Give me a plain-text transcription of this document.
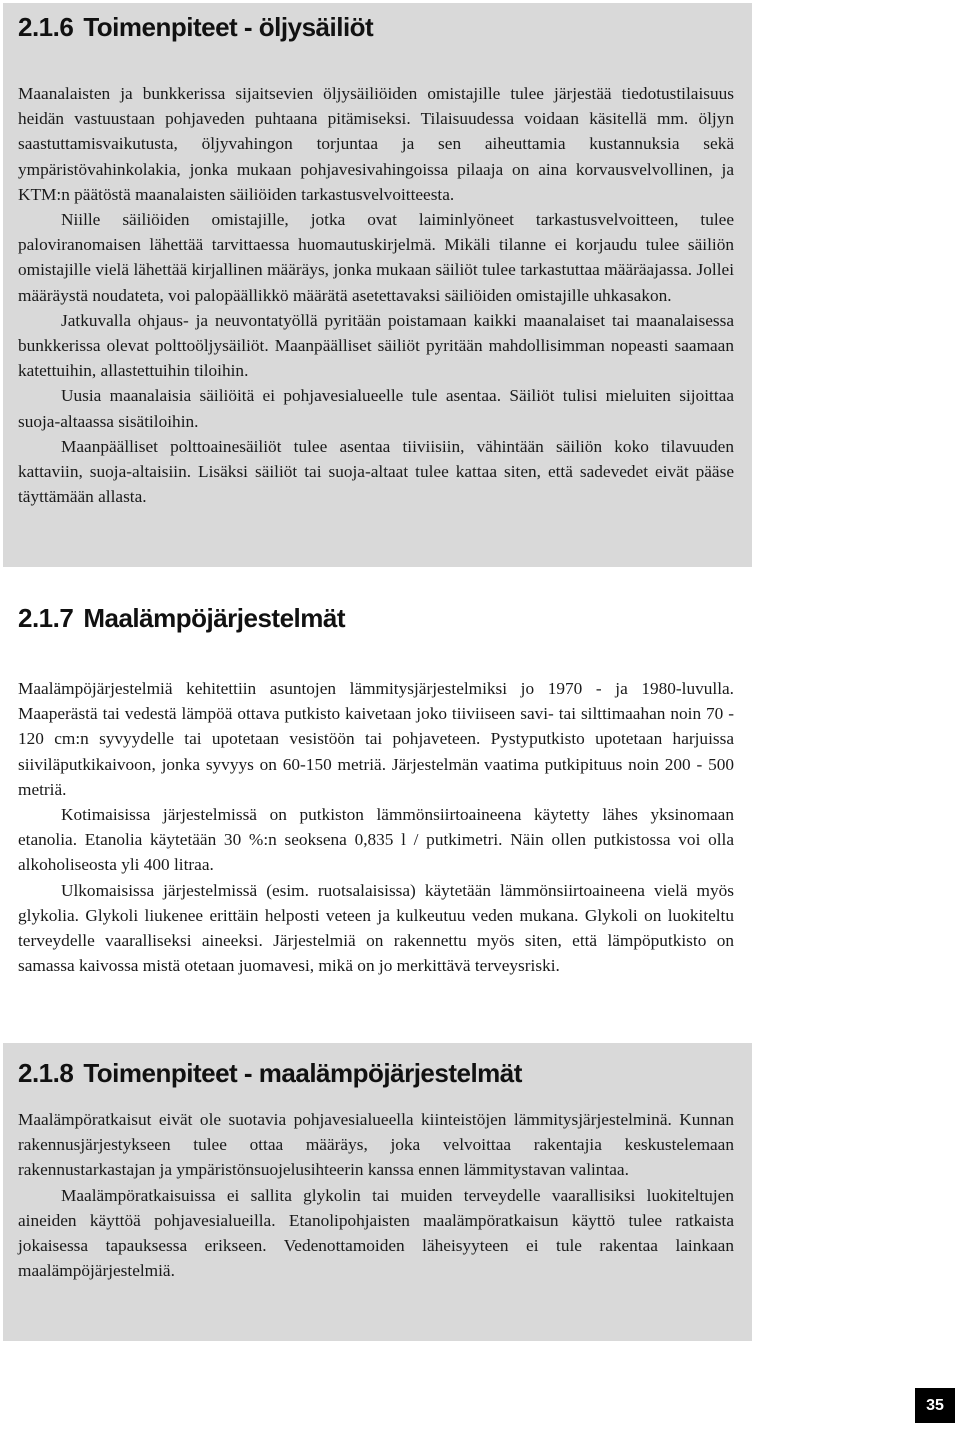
2.1.6 Toimenpiteet - öljysäiliöt

Maanalaisten ja bunkkerissa sijaitsevien öljysäiliöiden omistajille tulee järjestää tiedotustilaisuus heidän vastuustaan pohjaveden puhtaana pitämiseksi. Tilaisuudessa voidaan käsitellä mm. öljyn saastuttamisvaikutusta, öljyvahingon torjuntaa ja sen aiheuttamia kustannuksia sekä ympäristövahinkolakia, jonka mukaan pohjavesivahingoissa pilaaja on aina korvausvelvollinen, ja KTM:n päätöstä maanalaisten säiliöiden tarkastusvelvoitteesta.

Niille säiliöiden omistajille, jotka ovat laiminlyöneet tarkastusvelvoitteen, tulee paloviranomaisen lähettää tarvittaessa huomautuskirjelmä. Mikäli tilanne ei korjaudu tulee säiliön omistajille vielä lähettää kirjallinen määräys, jonka mukaan säiliöt tulee tarkastuttaa määräajassa. Jollei määräystä noudateta, voi palopäällikkö määrätä asetettavaksi säiliöiden omistajille uhkasakon.

Jatkuvalla ohjaus- ja neuvontatyöllä pyritään poistamaan kaikki maanalaiset tai maanalaisessa bunkkerissa olevat polttoöljysäiliöt. Maanpäälliset säiliöt pyritään mahdollisimman nopeasti saamaan katettuihin, allastettuihin tiloihin.

Uusia maanalaisia säiliöitä ei pohjavesialueelle tule asentaa. Säiliöt tulisi mieluiten sijoittaa suoja-altaassa sisätiloihin.

Maanpäälliset polttoainesäiliöt tulee asentaa tiiviisiin, vähintään säiliön koko tilavuuden kattaviin, suoja-altaisiin. Lisäksi säiliöt tai suoja-altaat tulee kattaa siten, että sadevedet eivät pääse täyttämään allasta.

2.1.7 Maalämpöjärjestelmät

Maalämpöjärjestelmiä kehitettiin asuntojen lämmitysjärjestelmiksi jo 1970 - ja 1980-luvulla. Maaperästä tai vedestä lämpöä ottava putkisto kaivetaan joko tiiviiseen savi- tai silttimaahan noin 70 - 120 cm:n syvyydelle tai upotetaan vesistöön tai pohjaveteen. Pystyputkisto upotetaan harjuissa siiviläputkikaivoon, jonka syvyys on 60-150 metriä. Järjestelmän vaatima putkipituus noin 200 - 500 metriä.

Kotimaisissa järjestelmissä on putkiston lämmönsiirtoaineena käytetty lähes yksinomaan etanolia. Etanolia käytetään 30 %:n seoksena 0,835 l / putkimetri. Näin ollen putkistossa voi olla alkoholiseosta yli 400 litraa.

Ulkomaisissa järjestelmissä (esim. ruotsalaisissa) käytetään lämmönsiirtoaineena vielä myös glykolia. Glykoli liukenee erittäin helposti veteen ja kulkeutuu veden mukana. Glykoli on luokiteltu terveydelle vaaralliseksi aineeksi. Järjestelmiä on rakennettu myös siten, että lämpöputkisto on samassa kaivossa mistä otetaan juomavesi, mikä on jo merkittävä terveysriski.

2.1.8 Toimenpiteet - maalämpöjärjestelmät

Maalämpöratkaisut eivät ole suotavia pohjavesialueella kiinteistöjen lämmitysjärjestelminä. Kunnan rakennusjärjestykseen tulee ottaa määräys, joka velvoittaa rakentajia keskustelemaan rakennustarkastajan ja ympäristönsuojelusihteerin kanssa ennen lämmitystavan valintaa.

Maalämpöratkaisuissa ei sallita glykolin tai muiden terveydelle vaarallisiksi luokiteltujen aineiden käyttöä pohjavesialueilla. Etanolipohjaisten maalämpöratkaisun käyttö tulee ratkaista jokaisessa tapauksessa erikseen. Vedenottamoiden läheisyyteen ei tule rakentaa lainkaan maalämpöjärjestelmiä.

35
